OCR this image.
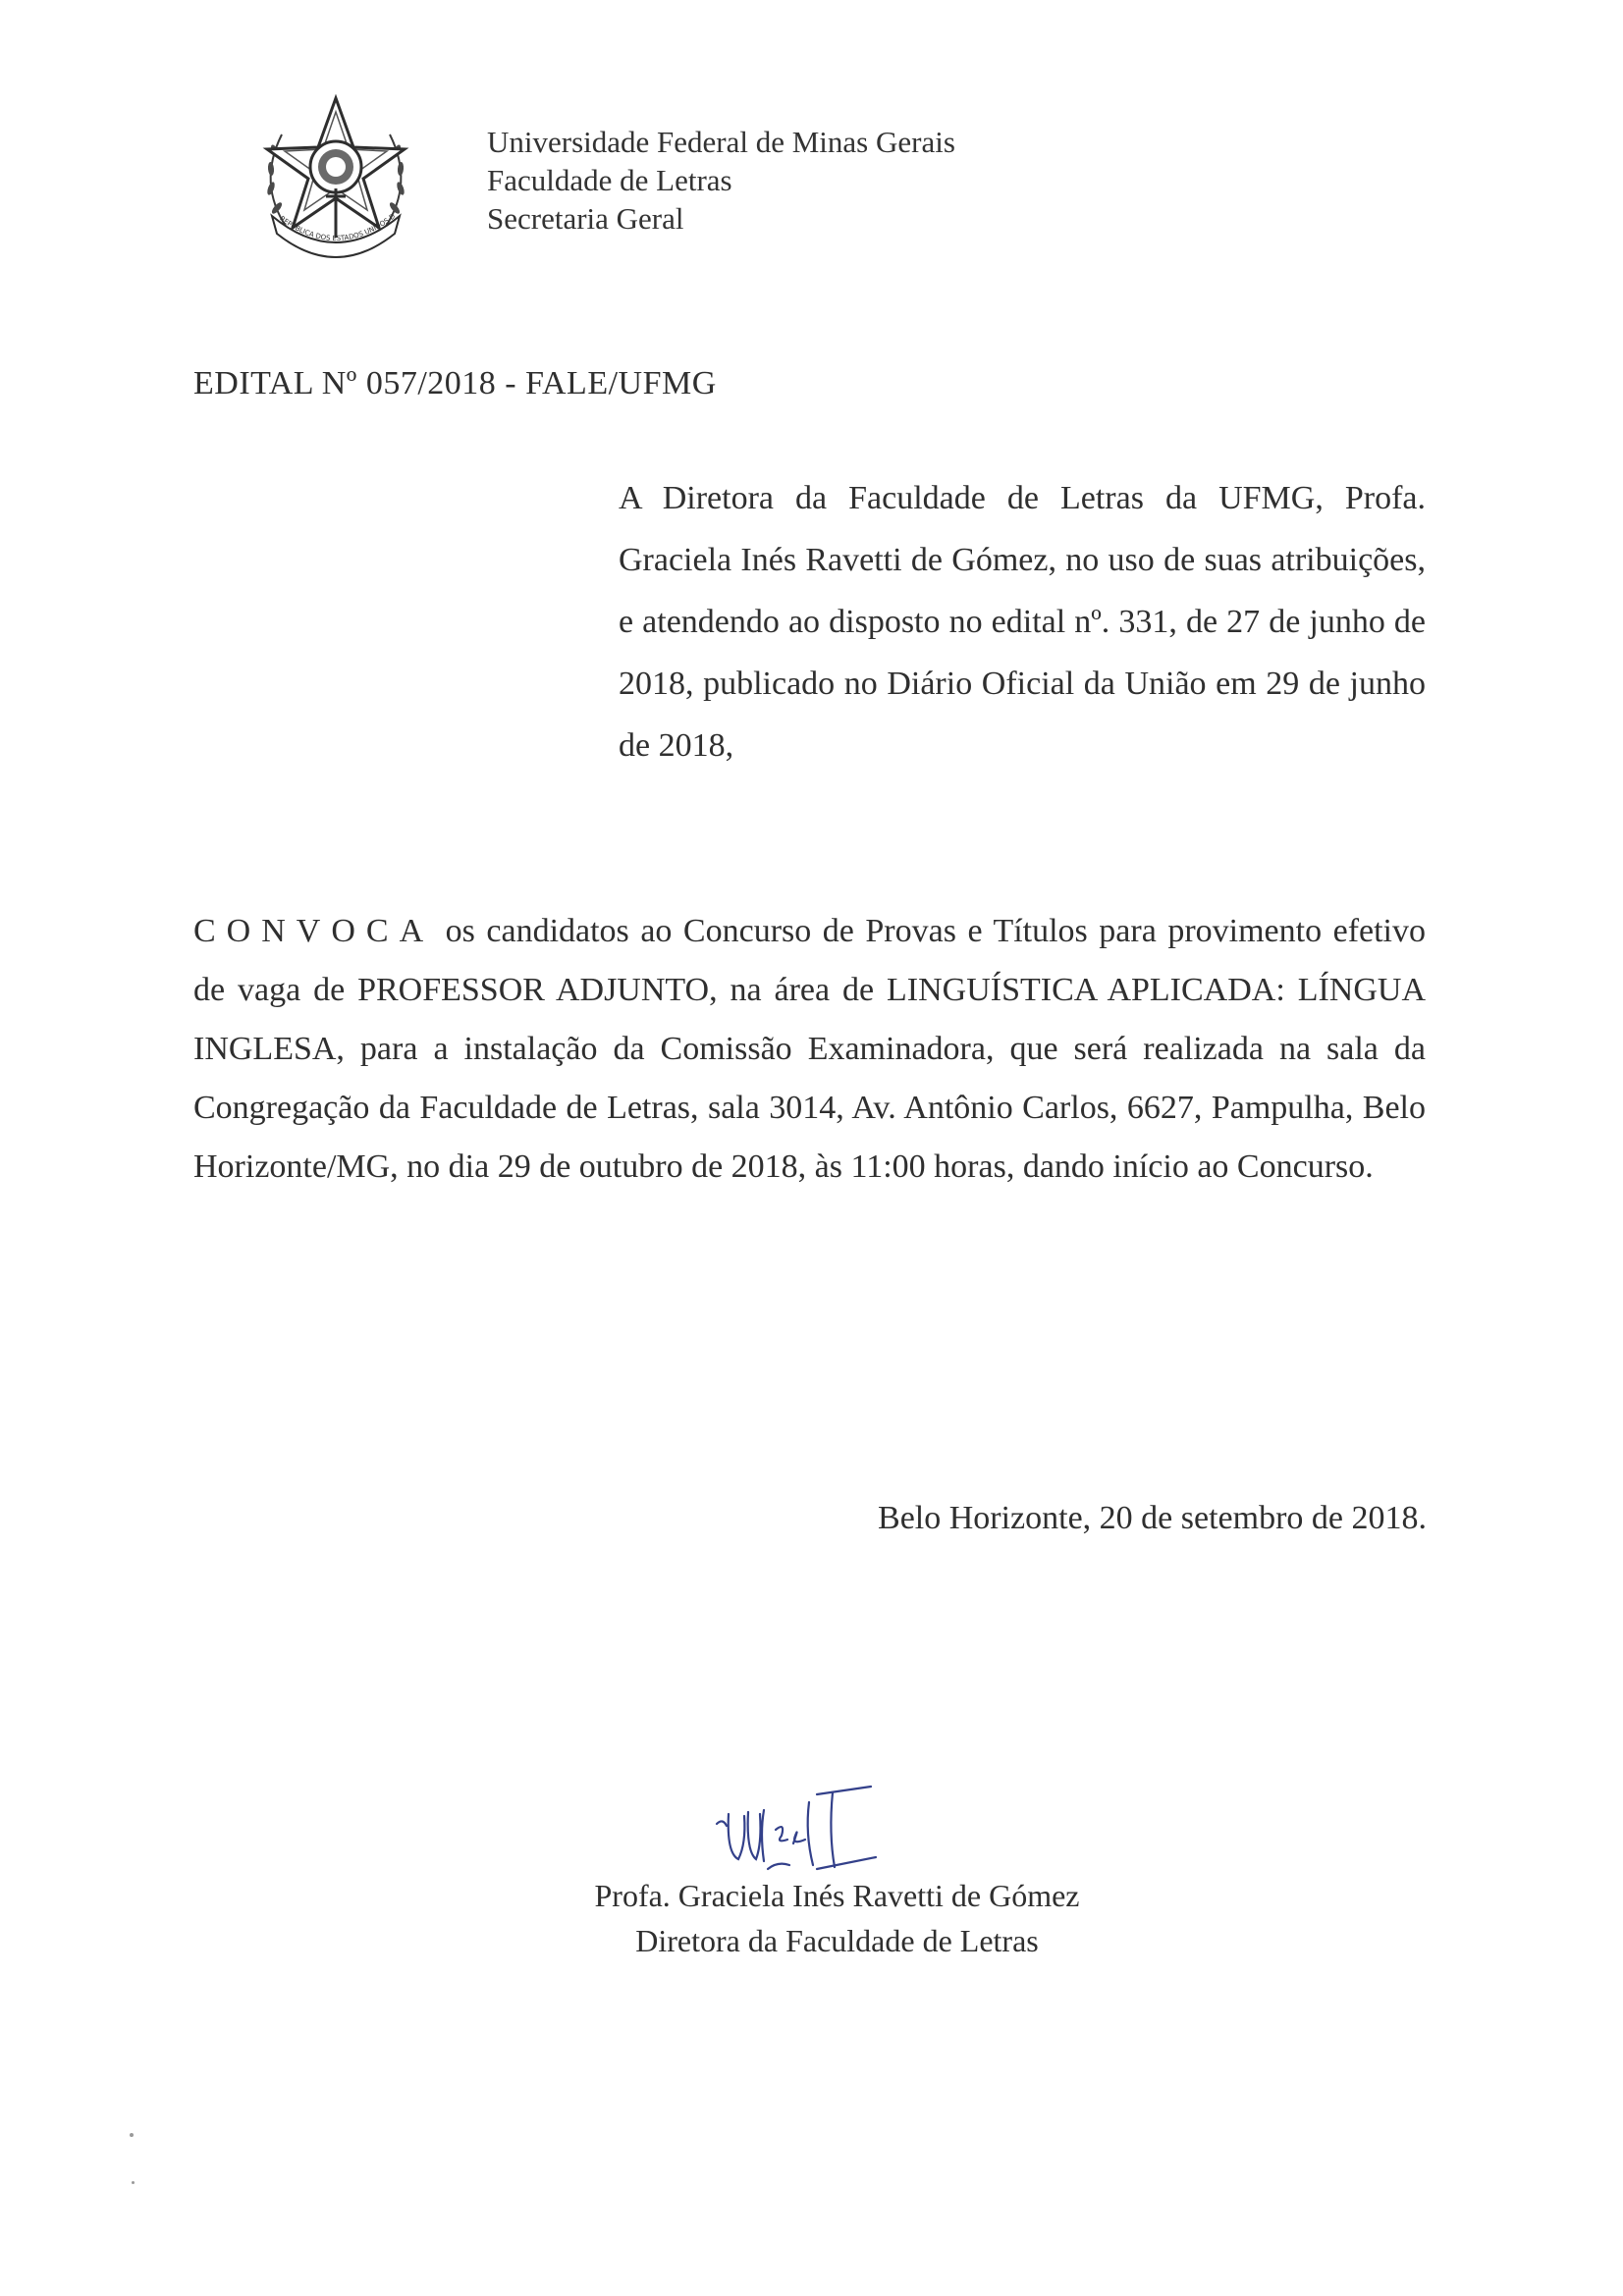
REPÚBLICA DOS ESTADOS UNIDOS D
Universidade Federal de Minas Gerais
Faculdade de Letras
Secretaria Geral
EDITAL Nº 057/2018 - FALE/UFMG
A Diretora da Faculdade de Letras da UFMG, Profa. Graciela Inés Ravetti de Gómez, no uso de suas atribuições, e atendendo ao disposto no edital nº. 331, de 27 de junho de 2018, publicado no Diário Oficial da União em 29 de junho de 2018,
CONVOCA os candidatos ao Concurso de Provas e Títulos para provimento efetivo de vaga de PROFESSOR ADJUNTO, na área de LINGUÍSTICA APLICADA: LÍNGUA INGLESA, para a instalação da Comissão Examinadora, que será realizada na sala da Congregação da Faculdade de Letras, sala 3014, Av. Antônio Carlos, 6627, Pampulha, Belo Horizonte/MG, no dia 29 de outubro de 2018, às 11:00 horas, dando início ao Concurso.
Belo Horizonte, 20 de setembro de 2018.
Profa. Graciela Inés Ravetti de Gómez
Diretora da Faculdade de Letras
